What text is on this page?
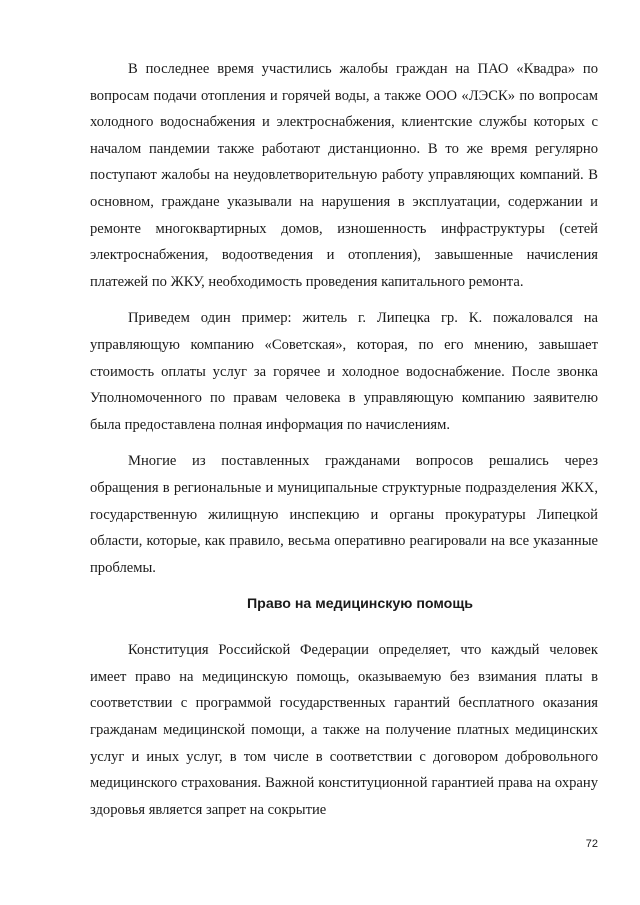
В последнее время участились жалобы граждан на ПАО «Квадра» по вопросам подачи отопления и горячей воды, а также ООО «ЛЭСК» по вопросам холодного водоснабжения и электроснабжения, клиентские службы которых с началом пандемии также работают дистанционно. В то же время регулярно поступают жалобы на неудовлетворительную работу управляющих компаний. В основном, граждане указывали на нарушения в эксплуатации, содержании и ремонте многоквартирных домов, изношенность инфраструктуры (сетей электроснабжения, водоотведения и отопления), завышенные начисления платежей по ЖКУ, необходимость проведения капитального ремонта.

Приведем один пример: житель г. Липецка гр. К. пожаловался на управляющую компанию «Советская», которая, по его мнению, завышает стоимость оплаты услуг за горячее и холодное водоснабжение. После звонка Уполномоченного по правам человека в управляющую компанию заявителю была предоставлена полная информация по начислениям.

Многие из поставленных гражданами вопросов решались через обращения в региональные и муниципальные структурные подразделения ЖКХ, государственную жилищную инспекцию и органы прокуратуры Липецкой области, которые, как правило, весьма оперативно реагировали на все указанные проблемы.

Право на медицинскую помощь

Конституция Российской Федерации определяет, что каждый человек имеет право на медицинскую помощь, оказываемую без взимания платы в соответствии с программой государственных гарантий бесплатного оказания гражданам медицинской помощи, а также на получение платных медицинских услуг и иных услуг, в том числе в соответствии с договором добровольного медицинского страхования. Важной конституционной гарантией права на охрану здоровья является запрет на сокрытие

72
